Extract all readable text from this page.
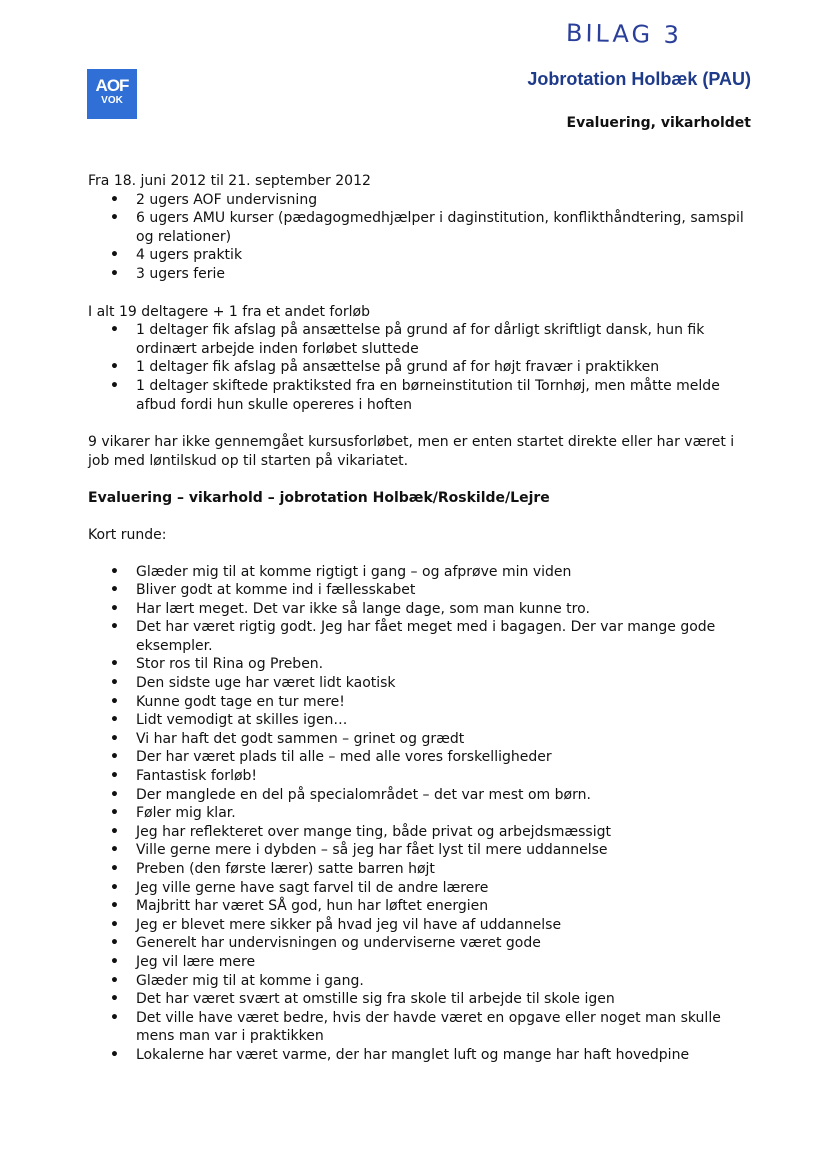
BILAG 3
AOF
VOK
Jobrotation Holbæk (PAU)
Evaluering, vikarholdet

Fra 18. juni 2012 til 21. september 2012

• 2 ugers AOF undervisning
• 6 ugers AMU kurser (pædagogmedhjælper i daginstitution, konflikthåndtering, samspil og relationer)
• 4 ugers praktik
• 3 ugers ferie

I alt 19 deltagere + 1 fra et andet forløb

• 1 deltager fik afslag på ansættelse på grund af for dårligt skriftligt dansk, hun fik ordinært arbejde inden forløbet sluttede
• 1 deltager fik afslag på ansættelse på grund af for højt fravær i praktikken
• 1 deltager skiftede praktiksted fra en børneinstitution til Tornhøj, men måtte melde afbud fordi hun skulle opereres i hoften

9 vikarer har ikke gennemgået kursusforløbet, men er enten startet direkte eller har været i job med løntilskud op til starten på vikariatet.

Evaluering – vikarhold – jobrotation Holbæk/Roskilde/Lejre

Kort runde:

• Glæder mig til at komme rigtigt i gang – og afprøve min viden
• Bliver godt at komme ind i fællesskabet
• Har lært meget. Det var ikke så lange dage, som man kunne tro.
• Det har været rigtig godt. Jeg har fået meget med i bagagen. Der var mange gode eksempler.
• Stor ros til Rina og Preben.
• Den sidste uge har været lidt kaotisk
• Kunne godt tage en tur mere!
• Lidt vemodigt at skilles igen…
• Vi har haft det godt sammen – grinet og grædt
• Der har været plads til alle – med alle vores forskelligheder
• Fantastisk forløb!
• Der manglede en del på specialområdet – det var mest om børn.
• Føler mig klar.
• Jeg har reflekteret over mange ting, både privat og arbejdsmæssigt
• Ville gerne mere i dybden – så jeg har fået lyst til mere uddannelse
• Preben (den første lærer) satte barren højt
• Jeg ville gerne have sagt farvel til de andre lærere
• Majbritt har været SÅ god, hun har løftet energien
• Jeg er blevet mere sikker på hvad jeg vil have af uddannelse
• Generelt har undervisningen og underviserne været gode
• Jeg vil lære mere
• Glæder mig til at komme i gang.
• Det har været svært at omstille sig fra skole til arbejde til skole igen
• Det ville have været bedre, hvis der havde været en opgave eller noget man skulle mens man var i praktikken
• Lokalerne har været varme, der har manglet luft og mange har haft hovedpine
